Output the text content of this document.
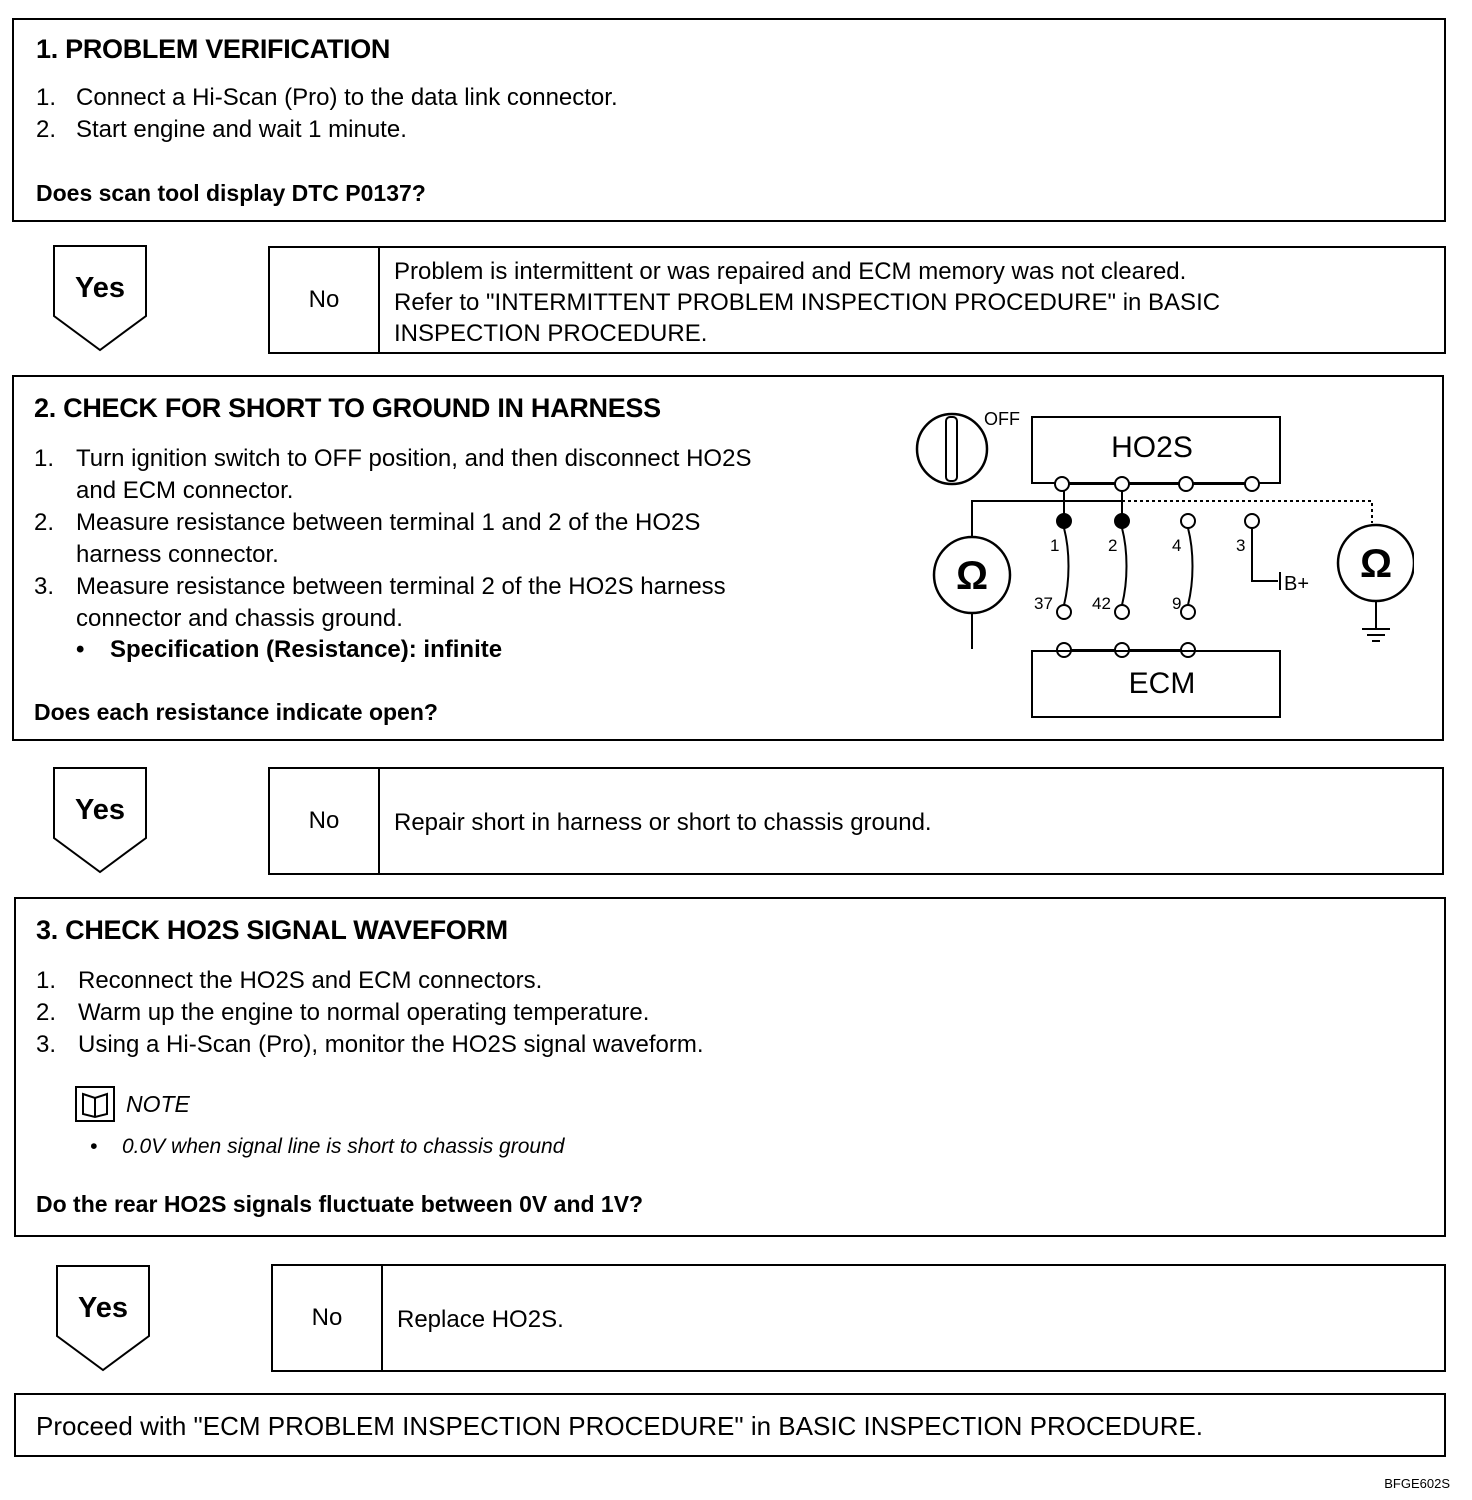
1. PROBLEM VERIFICATION
1. Connect a Hi-Scan (Pro) to the data link connector.
2. Start engine and wait 1 minute.
Does scan tool display DTC P0137?
Yes	No
Problem is intermittent or was repaired and ECM memory was not cleared.
Refer to "INTERMITTENT PROBLEM INSPECTION PROCEDURE" in BASIC
INSPECTION PROCEDURE.
2. CHECK FOR SHORT TO GROUND IN HARNESS
1. Turn ignition switch to OFF position, and then disconnect HO2S
and ECM connector.
2. Measure resistance between terminal 1 and 2 of the HO2S
harness connector.
3. Measure resistance between terminal 2 of the HO2S harness
connector and chassis ground.
• Specification (Resistance): infinite
Does each resistance indicate open?
OFF
HO2S
1	2	4	3
37 42	9
B+
Ω	Ω
ECM
Yes	No	Repair short in harness or short to chassis ground.
3. CHECK HO2S SIGNAL WAVEFORM
1. Reconnect the HO2S and ECM connectors.
2. Warm up the engine to normal operating temperature.
3. Using a Hi-Scan (Pro), monitor the HO2S signal waveform.
NOTE
• 0.0V when signal line is short to chassis ground
Do the rear HO2S signals fluctuate between 0V and 1V?
Yes	No	Replace HO2S.
Proceed with "ECM PROBLEM INSPECTION PROCEDURE" in BASIC INSPECTION PROCEDURE.
BFGE602S
